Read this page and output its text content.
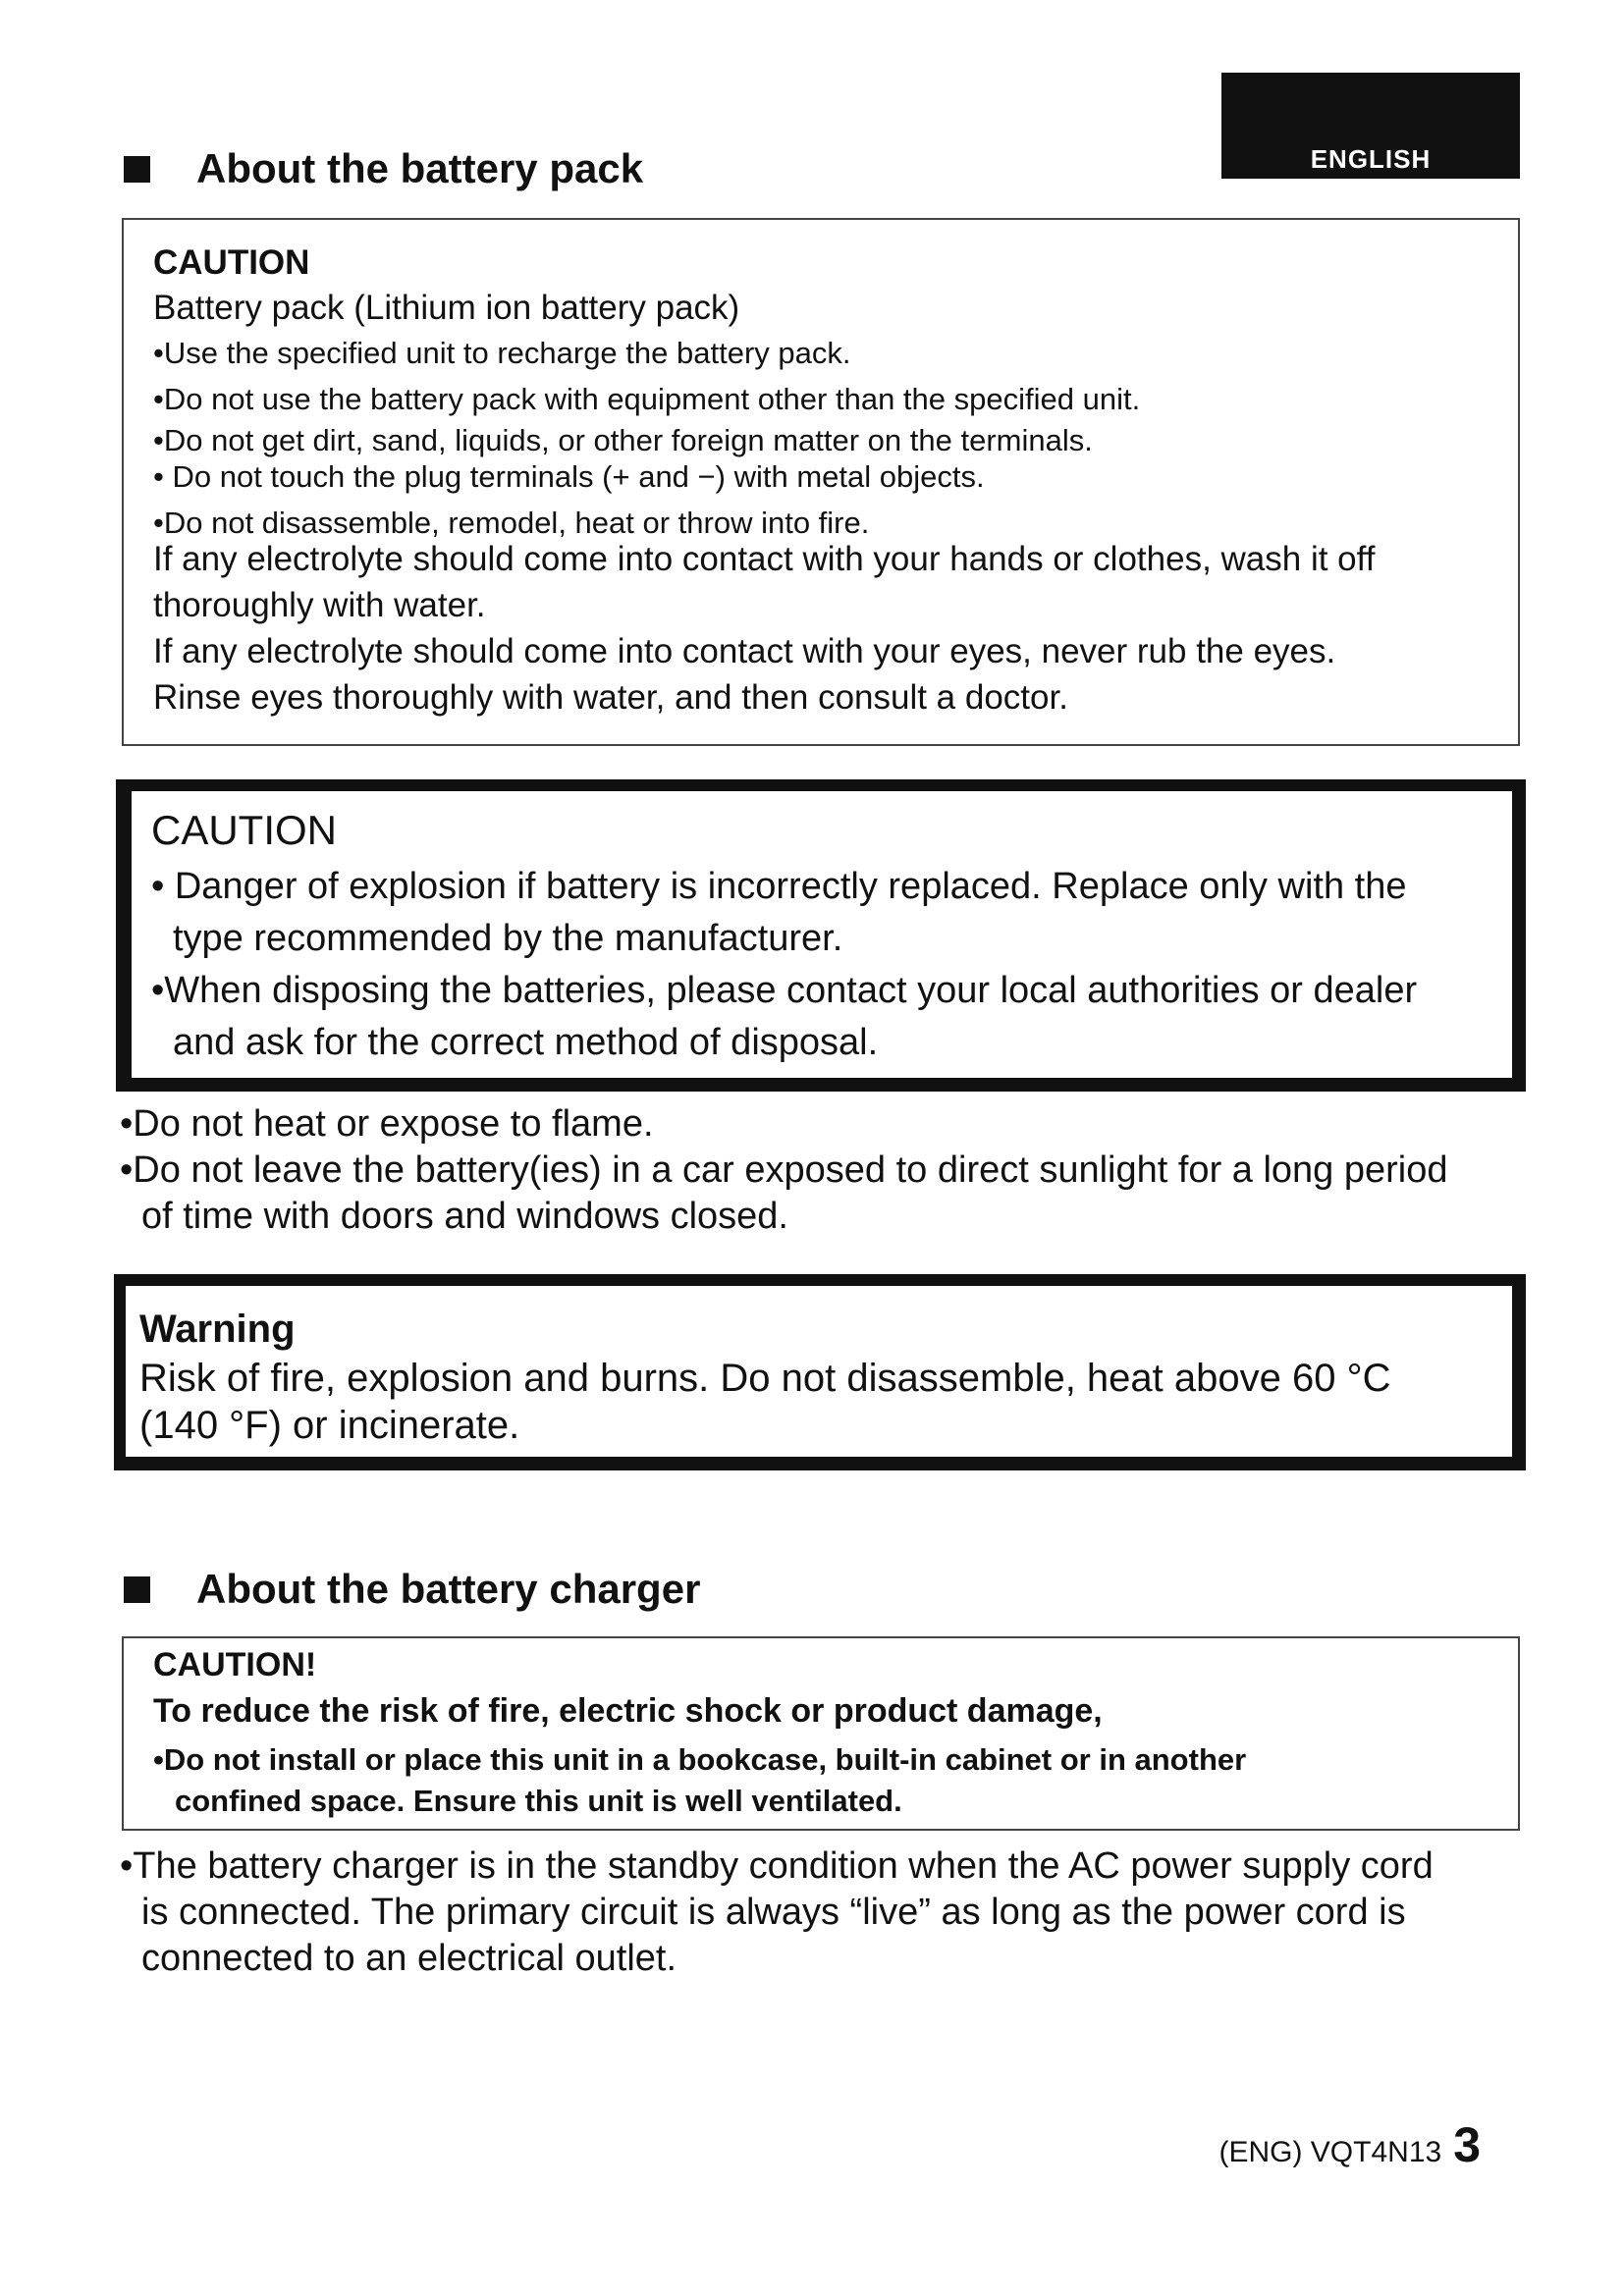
ENGLISH
About the battery pack
CAUTION
Battery pack (Lithium ion battery pack)
•Use the specified unit to recharge the battery pack.
•Do not use the battery pack with equipment other than the specified unit.
•Do not get dirt, sand, liquids, or other foreign matter on the terminals.
• Do not touch the plug terminals (+ and −) with metal objects.
•Do not disassemble, remodel, heat or throw into fire.
If any electrolyte should come into contact with your hands or clothes, wash it off
thoroughly with water.
If any electrolyte should come into contact with your eyes, never rub the eyes.
Rinse eyes thoroughly with water, and then consult a doctor.
CAUTION
• Danger of explosion if battery is incorrectly replaced. Replace only with the
type recommended by the manufacturer.
•When disposing the batteries, please contact your local authorities or dealer
and ask for the correct method of disposal.
•Do not heat or expose to flame.
•Do not leave the battery(ies) in a car exposed to direct sunlight for a long period
of time with doors and windows closed.
Warning
Risk of fire, explosion and burns. Do not disassemble, heat above 60 °C
(140 °F) or incinerate.
About the battery charger
CAUTION!
To reduce the risk of fire, electric shock or product damage,
•Do not install or place this unit in a bookcase, built-in cabinet or in another
confined space. Ensure this unit is well ventilated.
•The battery charger is in the standby condition when the AC power supply cord
is connected. The primary circuit is always “live” as long as the power cord is
connected to an electrical outlet.
(ENG) VQT4N13 3
